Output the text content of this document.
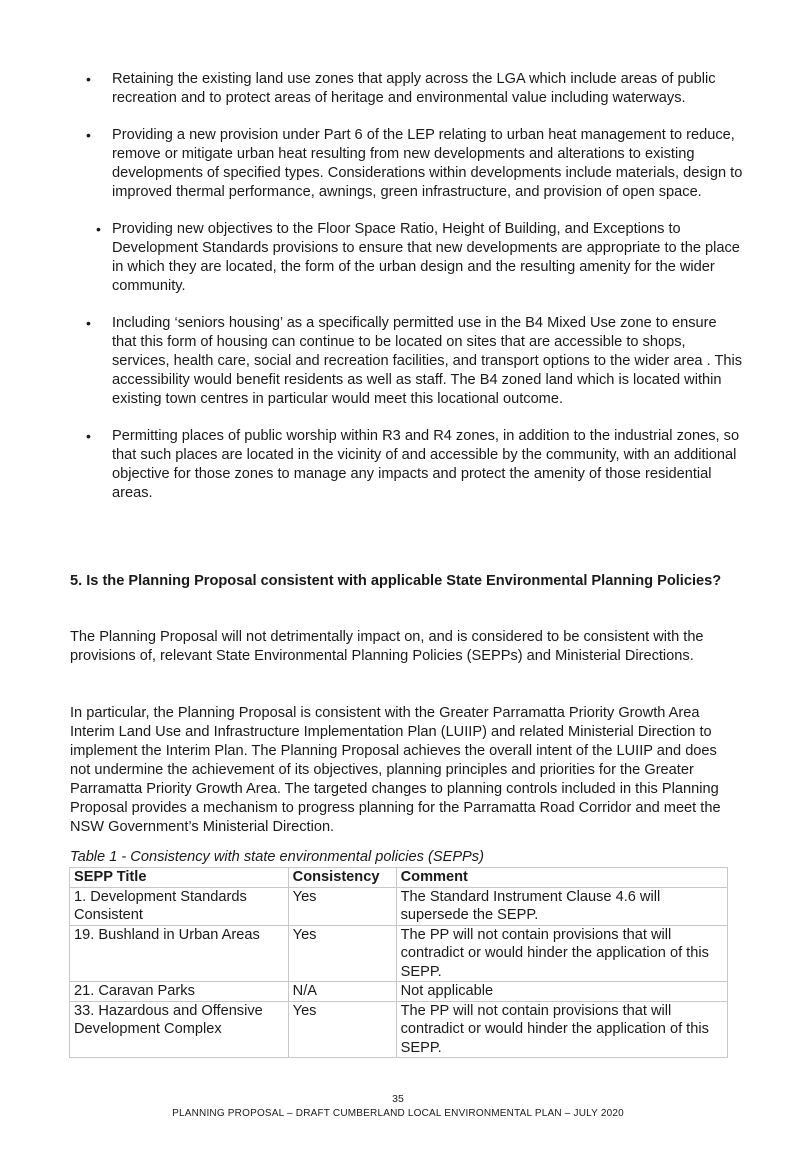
• Retaining the existing land use zones that apply across the LGA which include areas of public recreation and to protect areas of heritage and environmental value including waterways.
• Providing a new provision under Part 6 of the LEP relating to urban heat management to reduce, remove or mitigate urban heat resulting from new developments and alterations to existing developments of specified types. Considerations within developments include materials, design to improved thermal performance, awnings, green infrastructure, and provision of open space.
• Providing new objectives to the Floor Space Ratio, Height of Building, and Exceptions to Development Standards provisions to ensure that new developments are appropriate to the place in which they are located, the form of the urban design and the resulting amenity for the wider community.
• Including ‘seniors housing’ as a specifically permitted use in the B4 Mixed Use zone to ensure that this form of housing can continue to be located on sites that are accessible to shops, services, health care, social and recreation facilities, and transport options to the wider area . This accessibility would benefit residents as well as staff. The B4 zoned land which is located within existing town centres in particular would meet this locational outcome.
• Permitting places of public worship within R3 and R4 zones, in addition to the industrial zones, so that such places are located in the vicinity of and accessible by the community, with an additional objective for those zones to manage any impacts and protect the amenity of those residential areas.
5. Is the Planning Proposal consistent with applicable State Environmental Planning Policies?

The Planning Proposal will not detrimentally impact on, and is considered to be consistent with the provisions of, relevant State Environmental Planning Policies (SEPPs) and Ministerial Directions.

In particular, the Planning Proposal is consistent with the Greater Parramatta Priority Growth Area Interim Land Use and Infrastructure Implementation Plan (LUIIP) and related Ministerial Direction to implement the Interim Plan. The Planning Proposal achieves the overall intent of the LUIIP and does not undermine the achievement of its objectives, planning principles and priorities for the Greater Parramatta Priority Growth Area. The targeted changes to planning controls included in this Planning Proposal provides a mechanism to progress planning for the Parramatta Road Corridor and meet the NSW Government’s Ministerial Direction.

Table 1 - Consistency with state environmental policies (SEPPs)

SEPP Title	Consistency	Comment
1. Development Standards Consistent	Yes	The Standard Instrument Clause 4.6 will supersede the SEPP.
19. Bushland in Urban Areas	Yes	The PP will not contain provisions that will contradict or would hinder the application of this SEPP.
21. Caravan Parks	N/A	Not applicable
33. Hazardous and Offensive Development Complex	Yes	The PP will not contain provisions that will contradict or would hinder the application of this SEPP.
35
PLANNING PROPOSAL – DRAFT CUMBERLAND LOCAL ENVIRONMENTAL PLAN – JULY 2020
